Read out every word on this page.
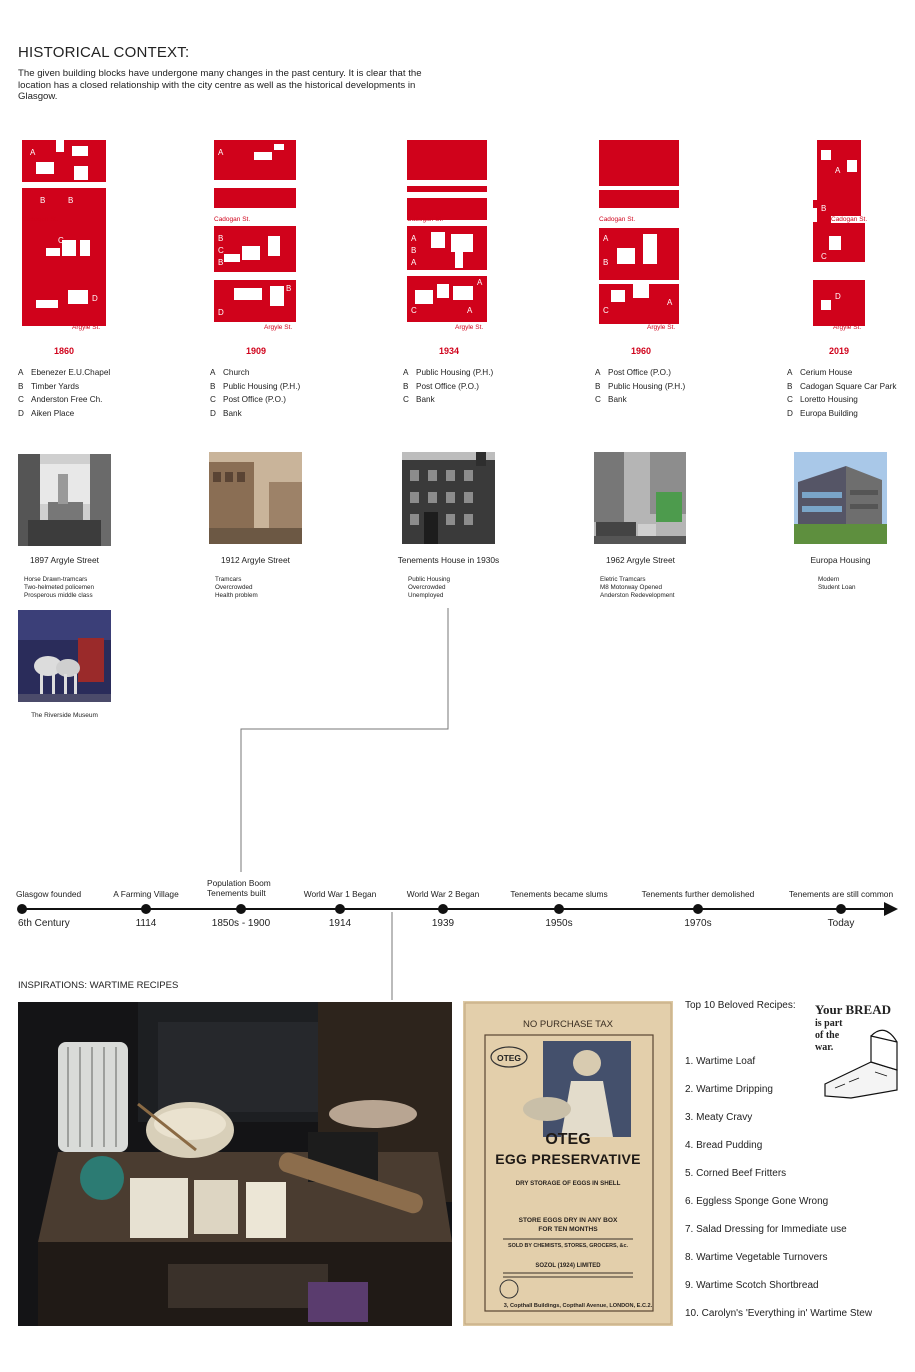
HISTORICAL CONTEXT:
The given building blocks have undergone many changes in the past century. It is clear that the location has a closed relationship with the city centre as well as the historical developments in Glasgow.
A
B	B
C
D
Cadogan St.
Argyle St.
1860
A Ebenezer E.U.Chapel
B Timber Yards
C Anderston Free Ch.
D Aiken Place
A
B
C
B
D
B
Cadogan St.
Argyle St.
1909
A Church
B Public Housing (P.H.)
C Post Office (P.O.)
D Bank
A
B
A
C
A
A
Cadogan St.
Argyle St.
1934
A Public Housing (P.H.)
B Post Office (P.O.)
C Bank
A
B
C
A
Cadogan St.
Argyle St.
1960
A Post Office (P.O.)
B Public Housing (P.H.)
C Bank
A
B
C
D
Cadogan St.
Argyle St.
2019
A Cerium House
B Cadogan Square Car Park
C Loretto Housing
D Europa Building
1897 Argyle Street
Horse Drawn-tramcars
Two-helmeted policemen
Prosperous middle class
1912 Argyle Street
Tramcars
Overcrowded
Health problem
Tenements House in 1930s
Public Housing
Overcrowded
Unemployed
1962 Argyle Street
Eletric Tramcars
M8 Motorway Opened
Anderston Redevelopment
Europa Housing
Modern
Student Loan
The Riverside Museum
Glasgow founded
6th Century
A Farming Village
1114
Population Boom
Tenements built
1850s - 1900
World War 1 Began
1914
World War 2 Began
1939
Tenements became slums
1950s
Tenements further demolished
1970s
Tenements are still common
Today
INSPIRATIONS: WARTIME RECIPES
NO PURCHASE TAX
OTEG
OTEG
EGG PRESERVATIVE
DRY STORAGE OF EGGS IN SHELL
STORE EGGS DRY IN ANY BOX
FOR TEN MONTHS
SOLD BY CHEMISTS, STORES, GROCERS, &c.
SOZOL (1924) LIMITED
3, Copthall Buildings, Copthall Avenue, LONDON, E.C.2.
Top 10 Beloved Recipes:
1. Wartime Loaf
2. Wartime Dripping
3. Meaty Cravy
4. Bread Pudding
5. Corned Beef Fritters
6. Eggless Sponge Gone Wrong
7. Salad Dressing for Immediate use
8. Wartime Vegetable Turnovers
9. Wartime Scotch Shortbread
10. Carolyn's 'Everything in' Wartime Stew
Your BREAD
is part
of the
war.
